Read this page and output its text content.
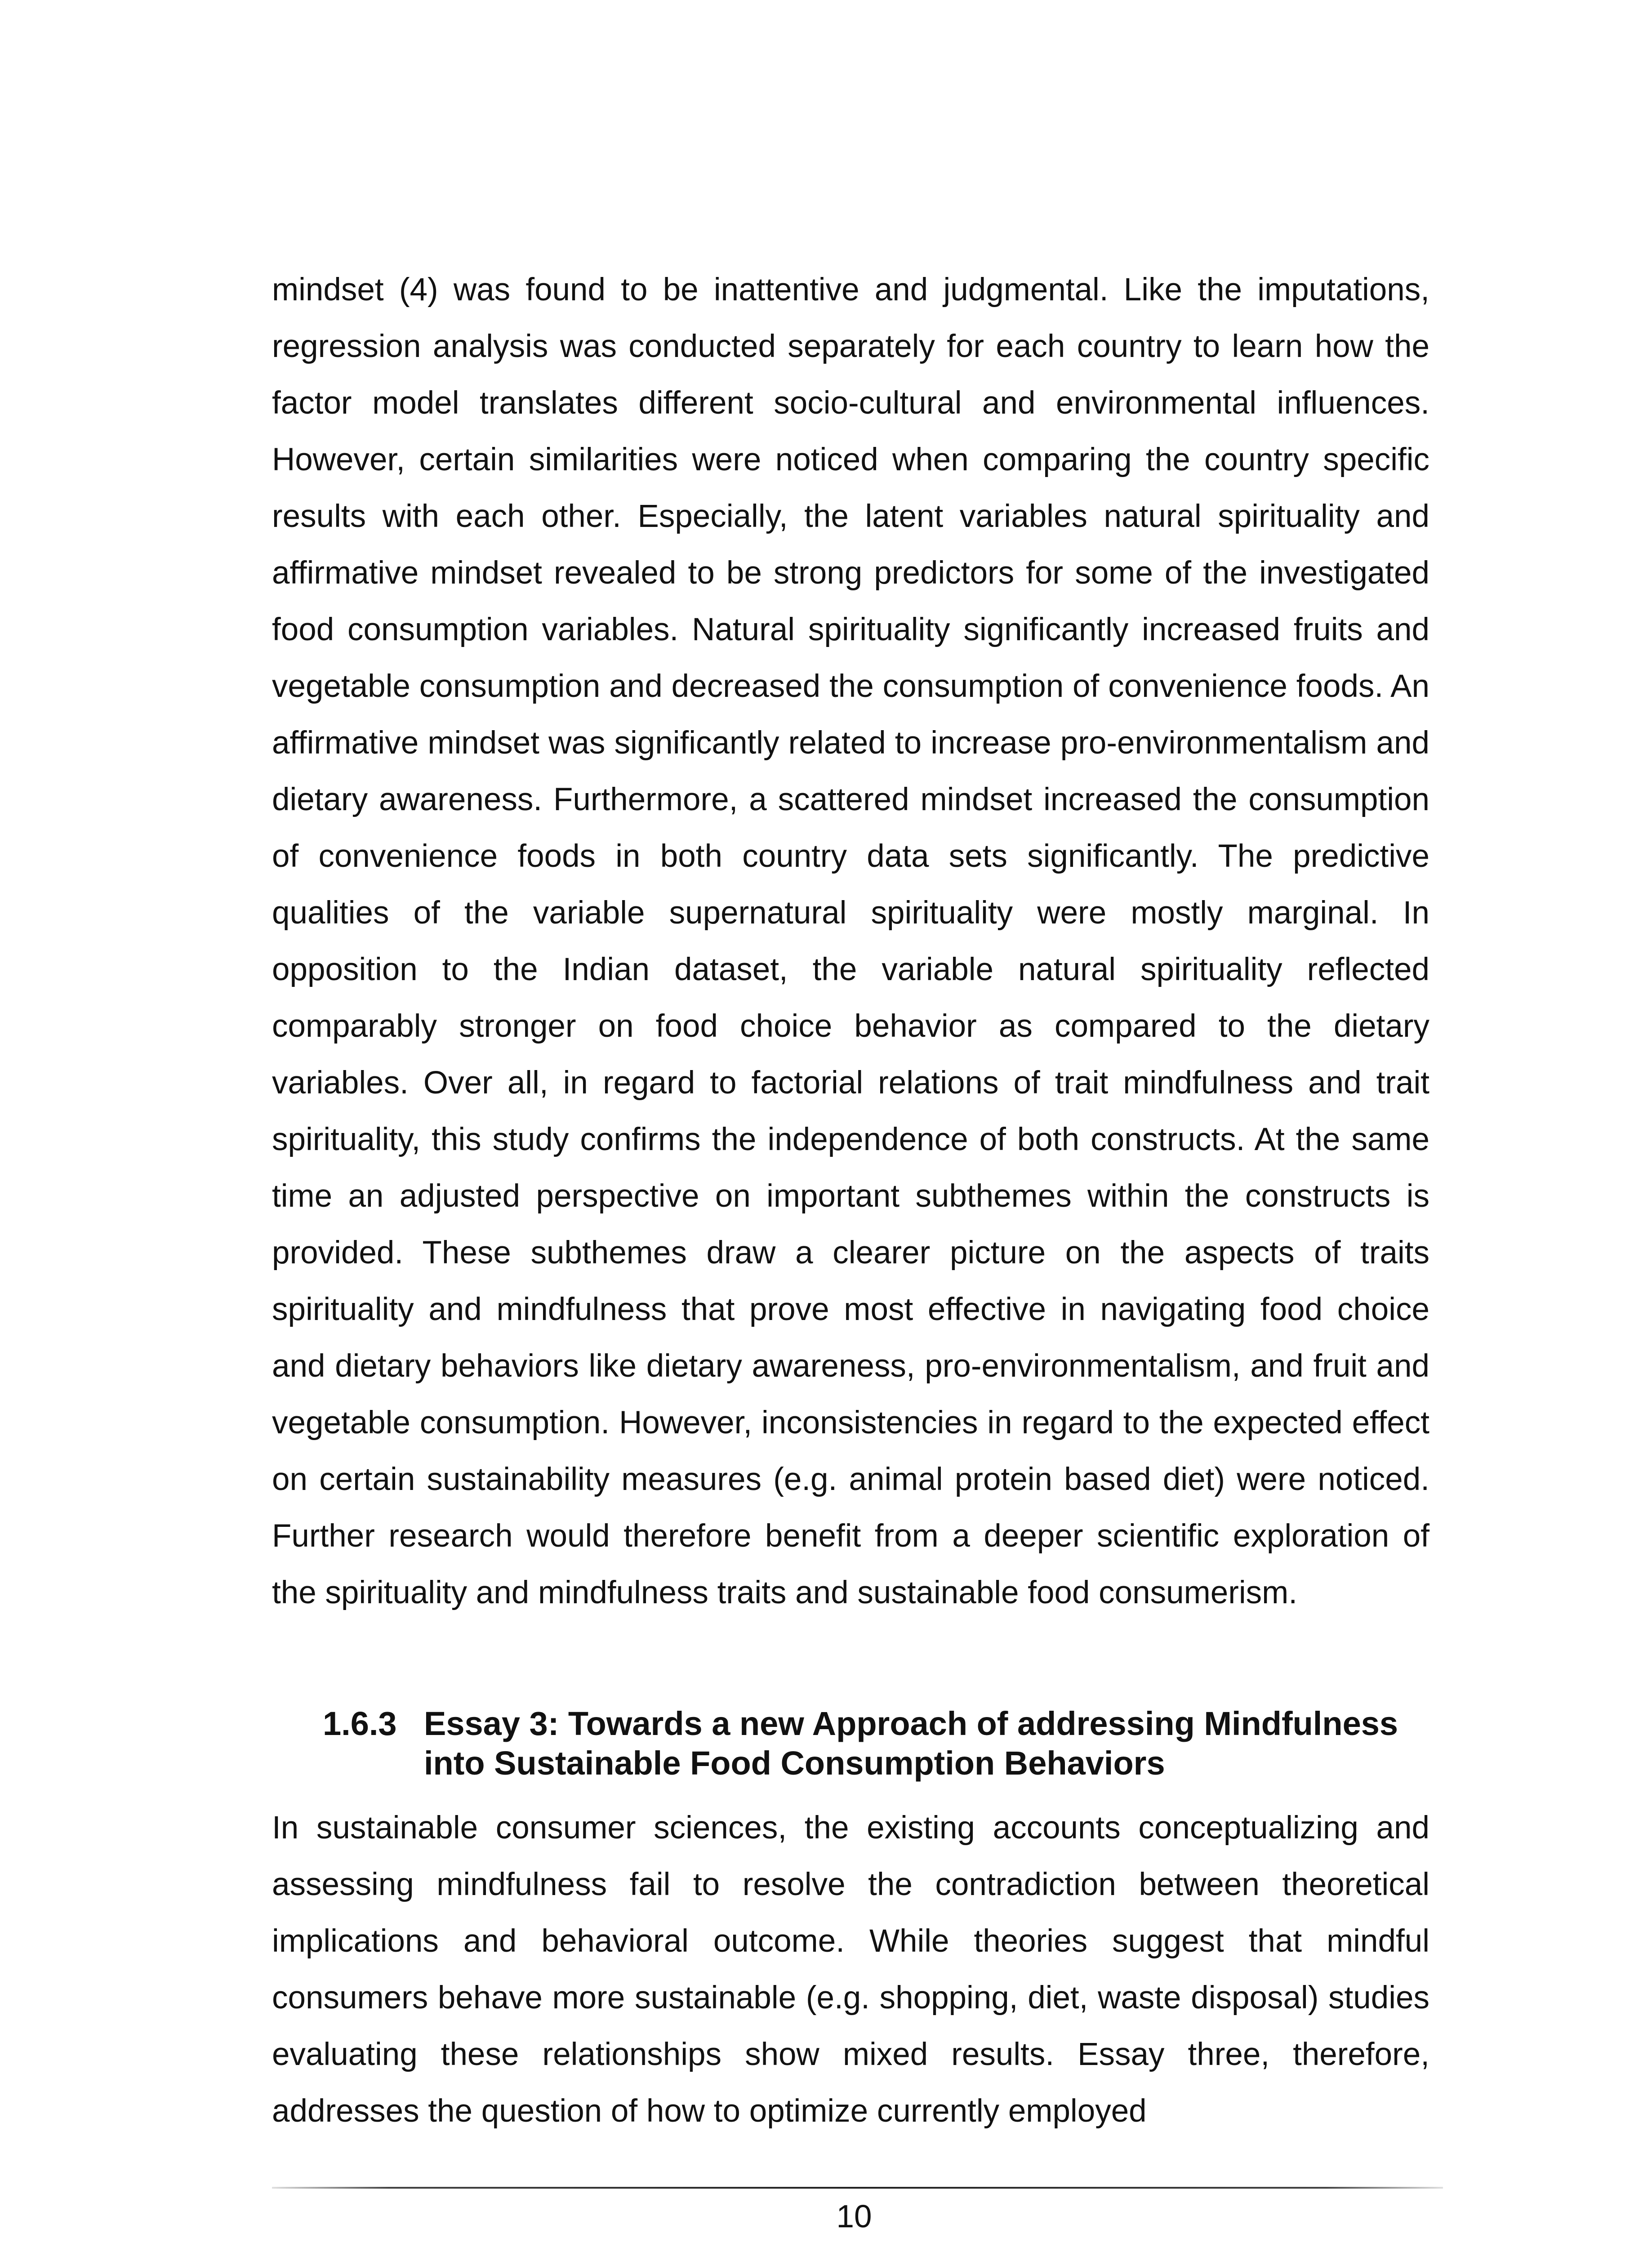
mindset (4) was found to be inattentive and judgmental. Like the imputations, regression analysis was conducted separately for each country to learn how the factor model translates different socio-cultural and environmental influences. However, certain similarities were noticed when comparing the country specific results with each other. Especially, the latent variables natural spirituality and affirmative mindset revealed to be strong predictors for some of the investigated food consumption variables. Natural spirituality significantly increased fruits and vegetable consumption and decreased the consumption of convenience foods. An affirmative mindset was significantly related to increase pro-environmentalism and dietary awareness. Furthermore, a scattered mindset increased the consumption of convenience foods in both country data sets significantly. The predictive qualities of the variable supernatural spirituality were mostly marginal. In opposition to the Indian dataset, the variable natural spirituality reflected comparably stronger on food choice behavior as compared to the dietary variables. Over all, in regard to factorial relations of trait mindfulness and trait spirituality, this study confirms the independence of both constructs. At the same time an adjusted perspective on important subthemes within the constructs is provided. These subthemes draw a clearer picture on the aspects of traits spirituality and mindfulness that prove most effective in navigating food choice and dietary behaviors like dietary awareness, pro-environmentalism, and fruit and vegetable consumption. However, inconsistencies in regard to the expected effect on certain sustainability measures (e.g. animal protein based diet) were noticed. Further research would therefore benefit from a deeper scientific exploration of the spirituality and mindfulness traits and sustainable food consumerism.

1.6.3 Essay 3: Towards a new Approach of addressing Mindfulness into Sustainable Food Consumption Behaviors

In sustainable consumer sciences, the existing accounts conceptualizing and assessing mindfulness fail to resolve the contradiction between theoretical implications and behavioral outcome. While theories suggest that mindful consumers behave more sustainable (e.g. shopping, diet, waste disposal) studies evaluating these relationships show mixed results. Essay three, therefore, addresses the question of how to optimize currently employed

10
